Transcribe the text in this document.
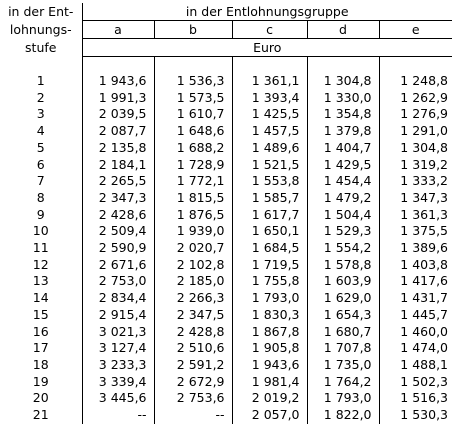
in der Ent-	in der Entlohnungsgruppe				
lohnungs-	a	b	c	d	e
stufe	Euro				

1	1 943,6	1 536,3	1 361,1	1 304,8	1 248,8
2	1 991,3	1 573,5	1 393,4	1 330,0	1 262,9
3	2 039,5	1 610,7	1 425,5	1 354,8	1 276,9
4	2 087,7	1 648,6	1 457,5	1 379,8	1 291,0
5	2 135,8	1 688,2	1 489,6	1 404,7	1 304,8
6	2 184,1	1 728,9	1 521,5	1 429,5	1 319,2
7	2 265,5	1 772,1	1 553,8	1 454,4	1 333,2
8	2 347,3	1 815,5	1 585,7	1 479,2	1 347,3
9	2 428,6	1 876,5	1 617,7	1 504,4	1 361,3
10	2 509,4	1 939,0	1 650,1	1 529,3	1 375,5
11	2 590,9	2 020,7	1 684,5	1 554,2	1 389,6
12	2 671,6	2 102,8	1 719,5	1 578,8	1 403,8
13	2 753,0	2 185,0	1 755,8	1 603,9	1 417,6
14	2 834,4	2 266,3	1 793,0	1 629,0	1 431,7
15	2 915,4	2 347,5	1 830,3	1 654,3	1 445,7
16	3 021,3	2 428,8	1 867,8	1 680,7	1 460,0
17	3 127,4	2 510,6	1 905,8	1 707,8	1 474,0
18	3 233,3	2 591,2	1 943,6	1 735,0	1 488,1
19	3 339,4	2 672,9	1 981,4	1 764,2	1 502,3
20	3 445,6	2 753,6	2 019,2	1 793,0	1 516,3
21	--	--	2 057,0	1 822,0	1 530,3
